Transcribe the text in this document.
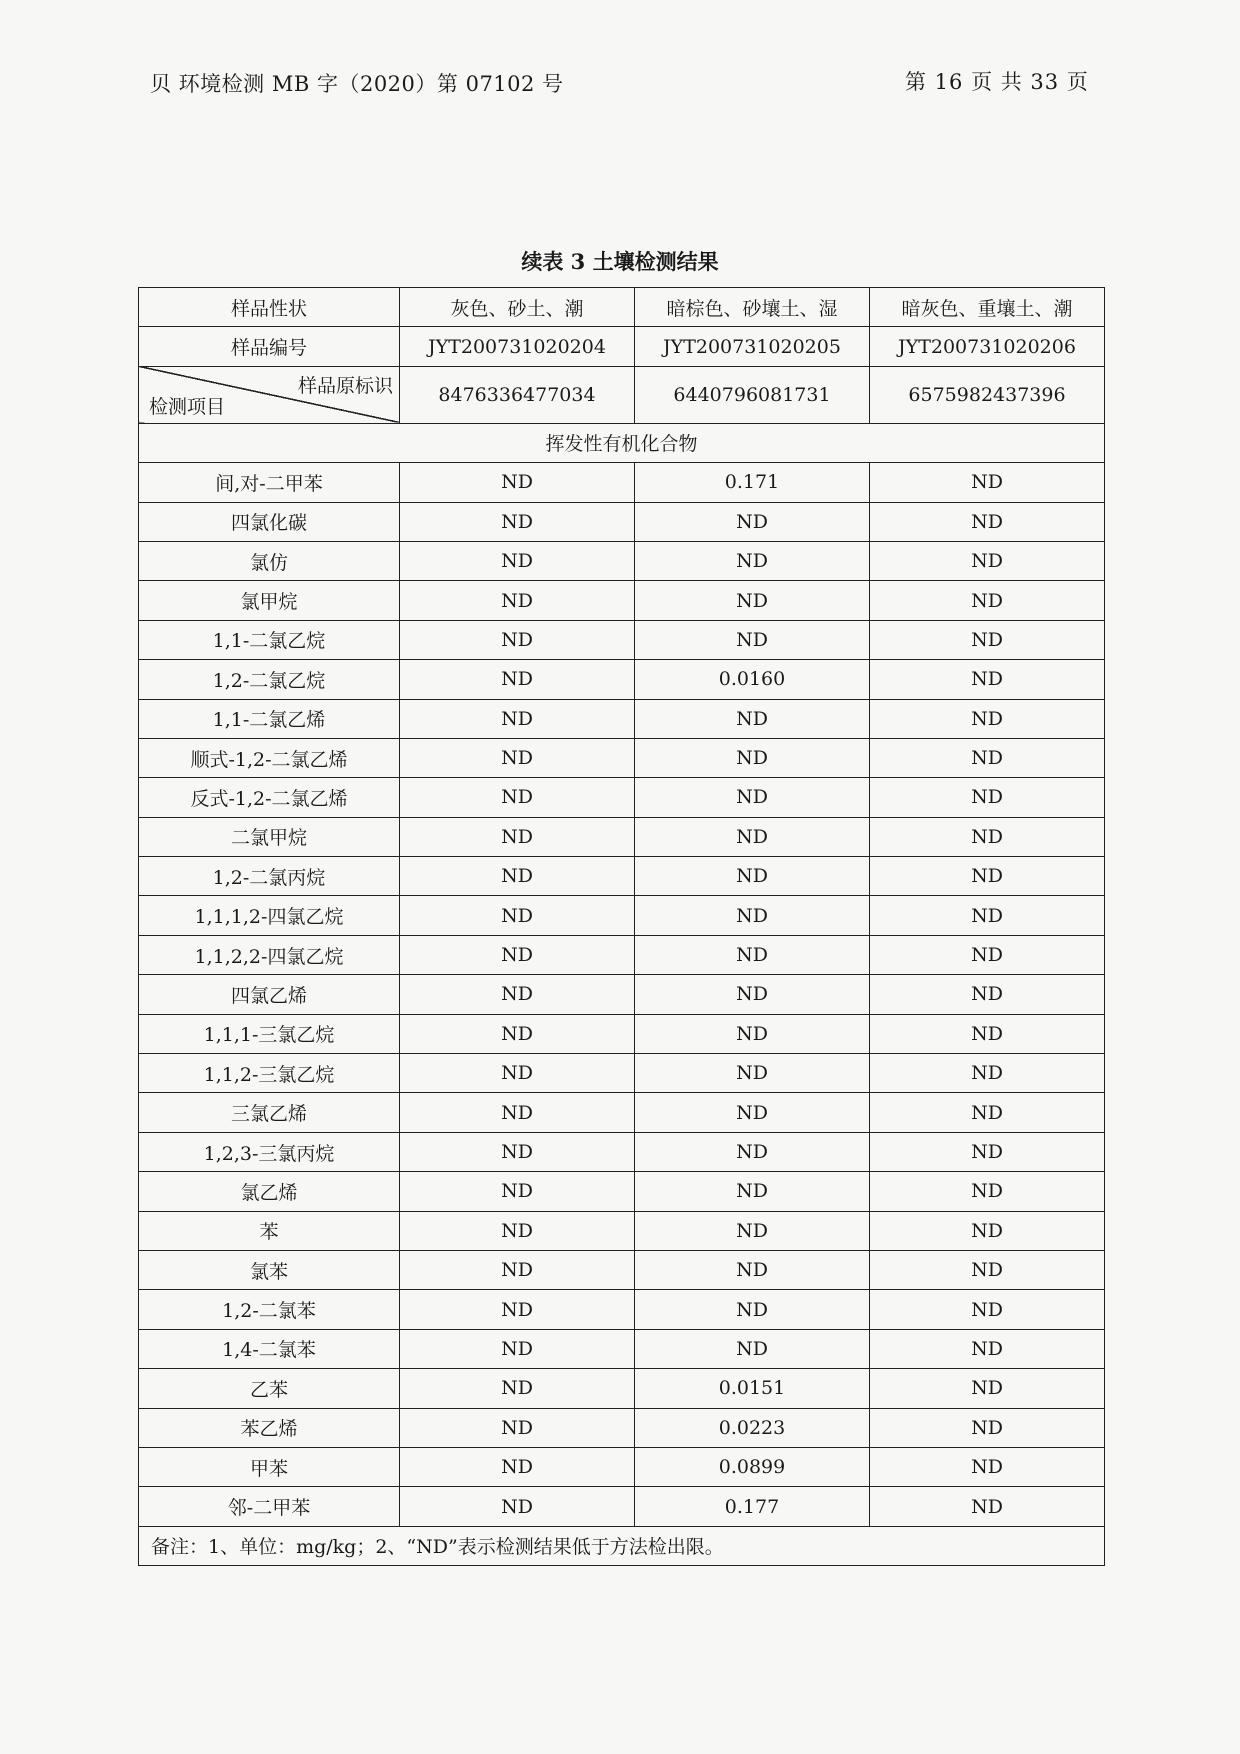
贝 环境检测 MB 字（2020）第 07102 号	第 16 页 共 33 页
续表 3 土壤检测结果
样品性状	灰色、砂土、潮	暗棕色、砂壤土、湿	暗灰色、重壤土、潮
样品编号	JYT200731020204	JYT200731020205	JYT200731020206

样品原标识
检测项目	8476336477034	6440796081731	6575982437396
挥发性有机化合物			
间,对-二甲苯	ND	0.171	ND
四氯化碳	ND	ND	ND
氯仿	ND	ND	ND
氯甲烷	ND	ND	ND
1,1-二氯乙烷	ND	ND	ND
1,2-二氯乙烷	ND	0.0160	ND
1,1-二氯乙烯	ND	ND	ND
顺式-1,2-二氯乙烯	ND	ND	ND
反式-1,2-二氯乙烯	ND	ND	ND
二氯甲烷	ND	ND	ND
1,2-二氯丙烷	ND	ND	ND
1,1,1,2-四氯乙烷	ND	ND	ND
1,1,2,2-四氯乙烷	ND	ND	ND
四氯乙烯	ND	ND	ND
1,1,1-三氯乙烷	ND	ND	ND
1,1,2-三氯乙烷	ND	ND	ND
三氯乙烯	ND	ND	ND
1,2,3-三氯丙烷	ND	ND	ND
氯乙烯	ND	ND	ND
苯	ND	ND	ND
氯苯	ND	ND	ND
1,2-二氯苯	ND	ND	ND
1,4-二氯苯	ND	ND	ND
乙苯	ND	0.0151	ND
苯乙烯	ND	0.0223	ND
甲苯	ND	0.0899	ND
邻-二甲苯	ND	0.177	ND
备注：1、单位：mg/kg；2、“ND”表示检测结果低于方法检出限。			
